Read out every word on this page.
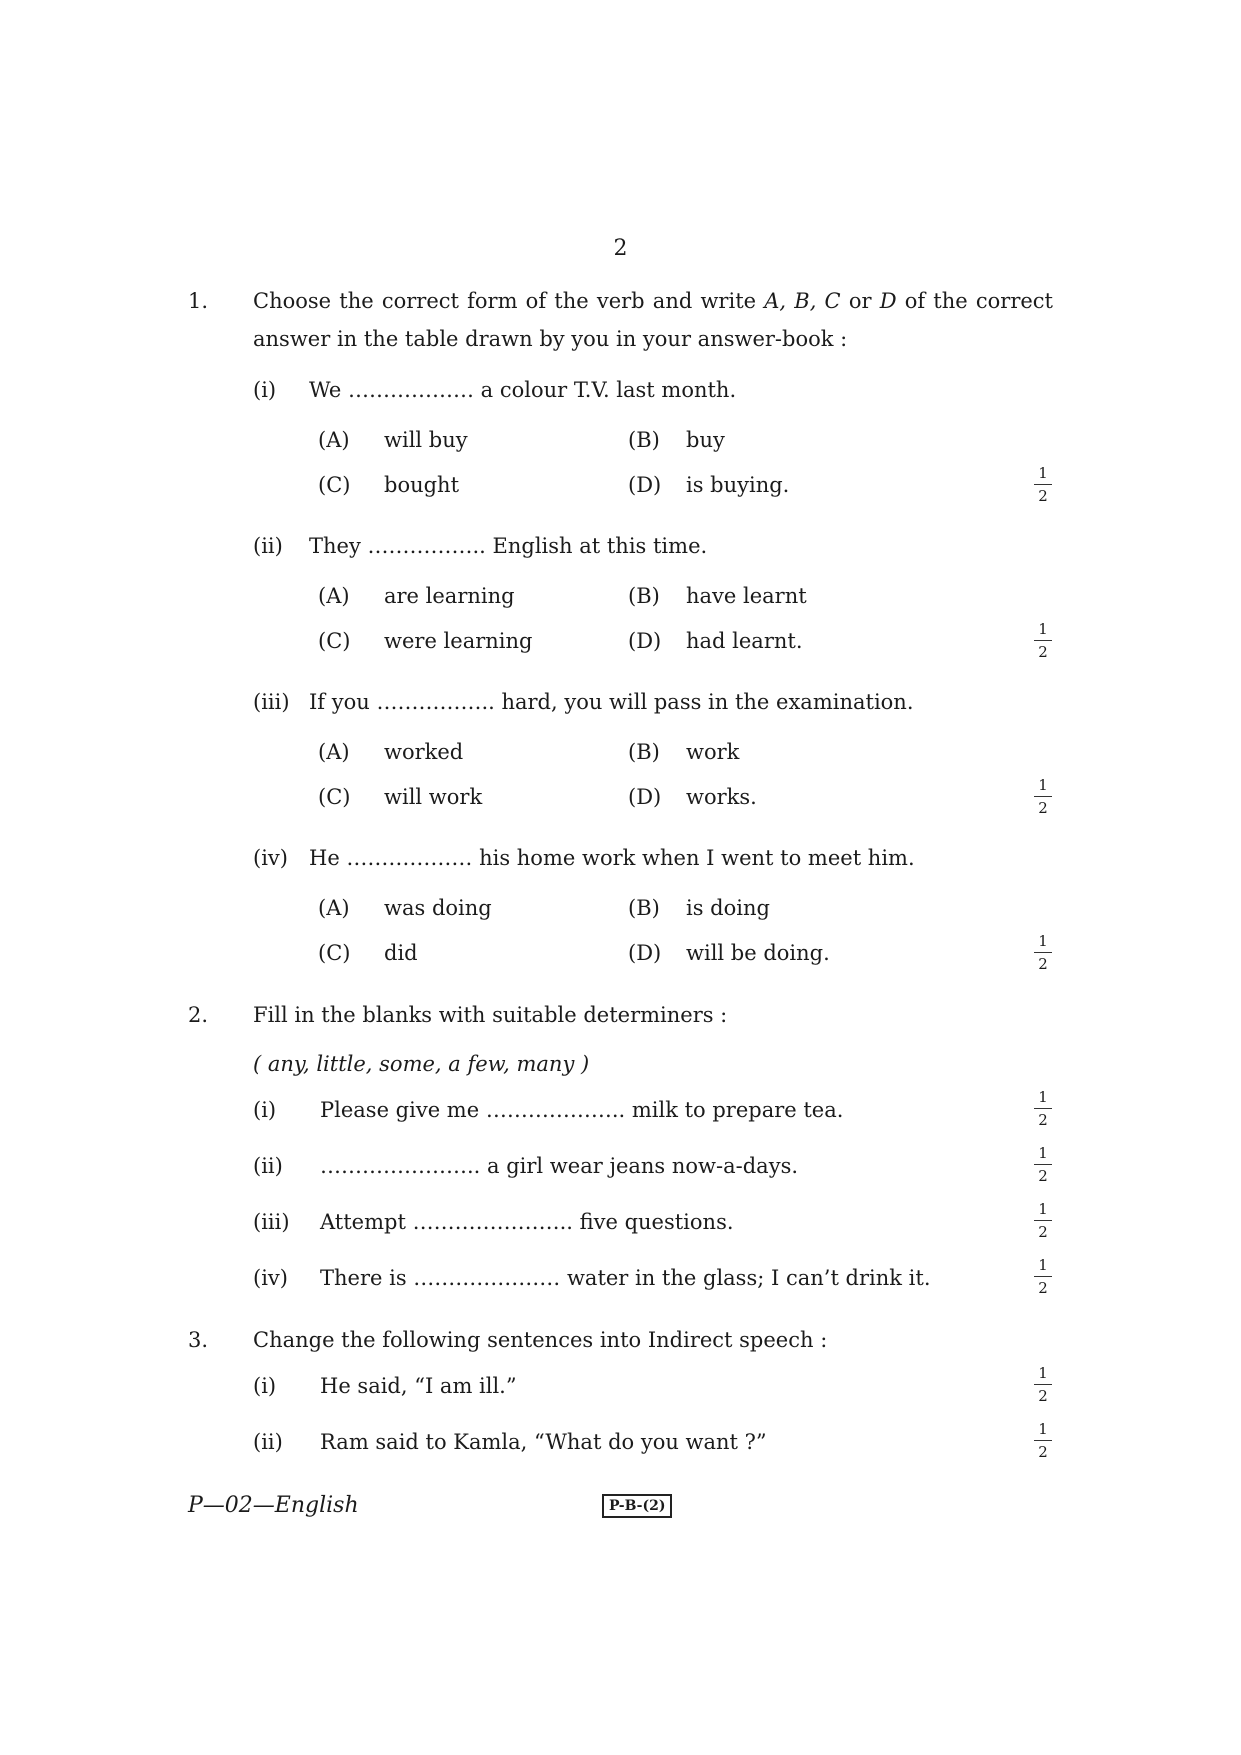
2
1. Choose the correct form of the verb and write A, B, C or D of the correct answer in the table drawn by you in your answer-book :
(i) We ……………… a colour T.V. last month.
(A) will buy	(B) buy
(C) bought	(D) is buying.	$\frac{1}{2}$
(ii) They …………….. English at this time.
(A) are learning	(B) have learnt
(C) were learning	(D) had learnt.	$\frac{1}{2}$
(iii) If you …………….. hard, you will pass in the examination.
(A) worked	(B) work
(C) will work	(D) works.	$\frac{1}{2}$
(iv) He ……………… his home work when I went to meet him.
(A) was doing	(B) is doing
(C) did	(D) will be doing.	$\frac{1}{2}$
2. Fill in the blanks with suitable determiners :
( any, little, some, a few, many )
(i) Please give me ……………….. milk to prepare tea.	$\frac{1}{2}$
(ii) ………………….. a girl wear jeans now-a-days.	$\frac{1}{2}$
(iii) Attempt ………………….. five questions.	$\frac{1}{2}$
(iv) There is ………………… water in the glass; I can’t drink it.	$\frac{1}{2}$
3. Change the following sentences into Indirect speech :
(i) He said, “I am ill.”	$\frac{1}{2}$
(ii) Ram said to Kamla, “What do you want ?”	$\frac{1}{2}$
P—02—English	P-B-(2)
